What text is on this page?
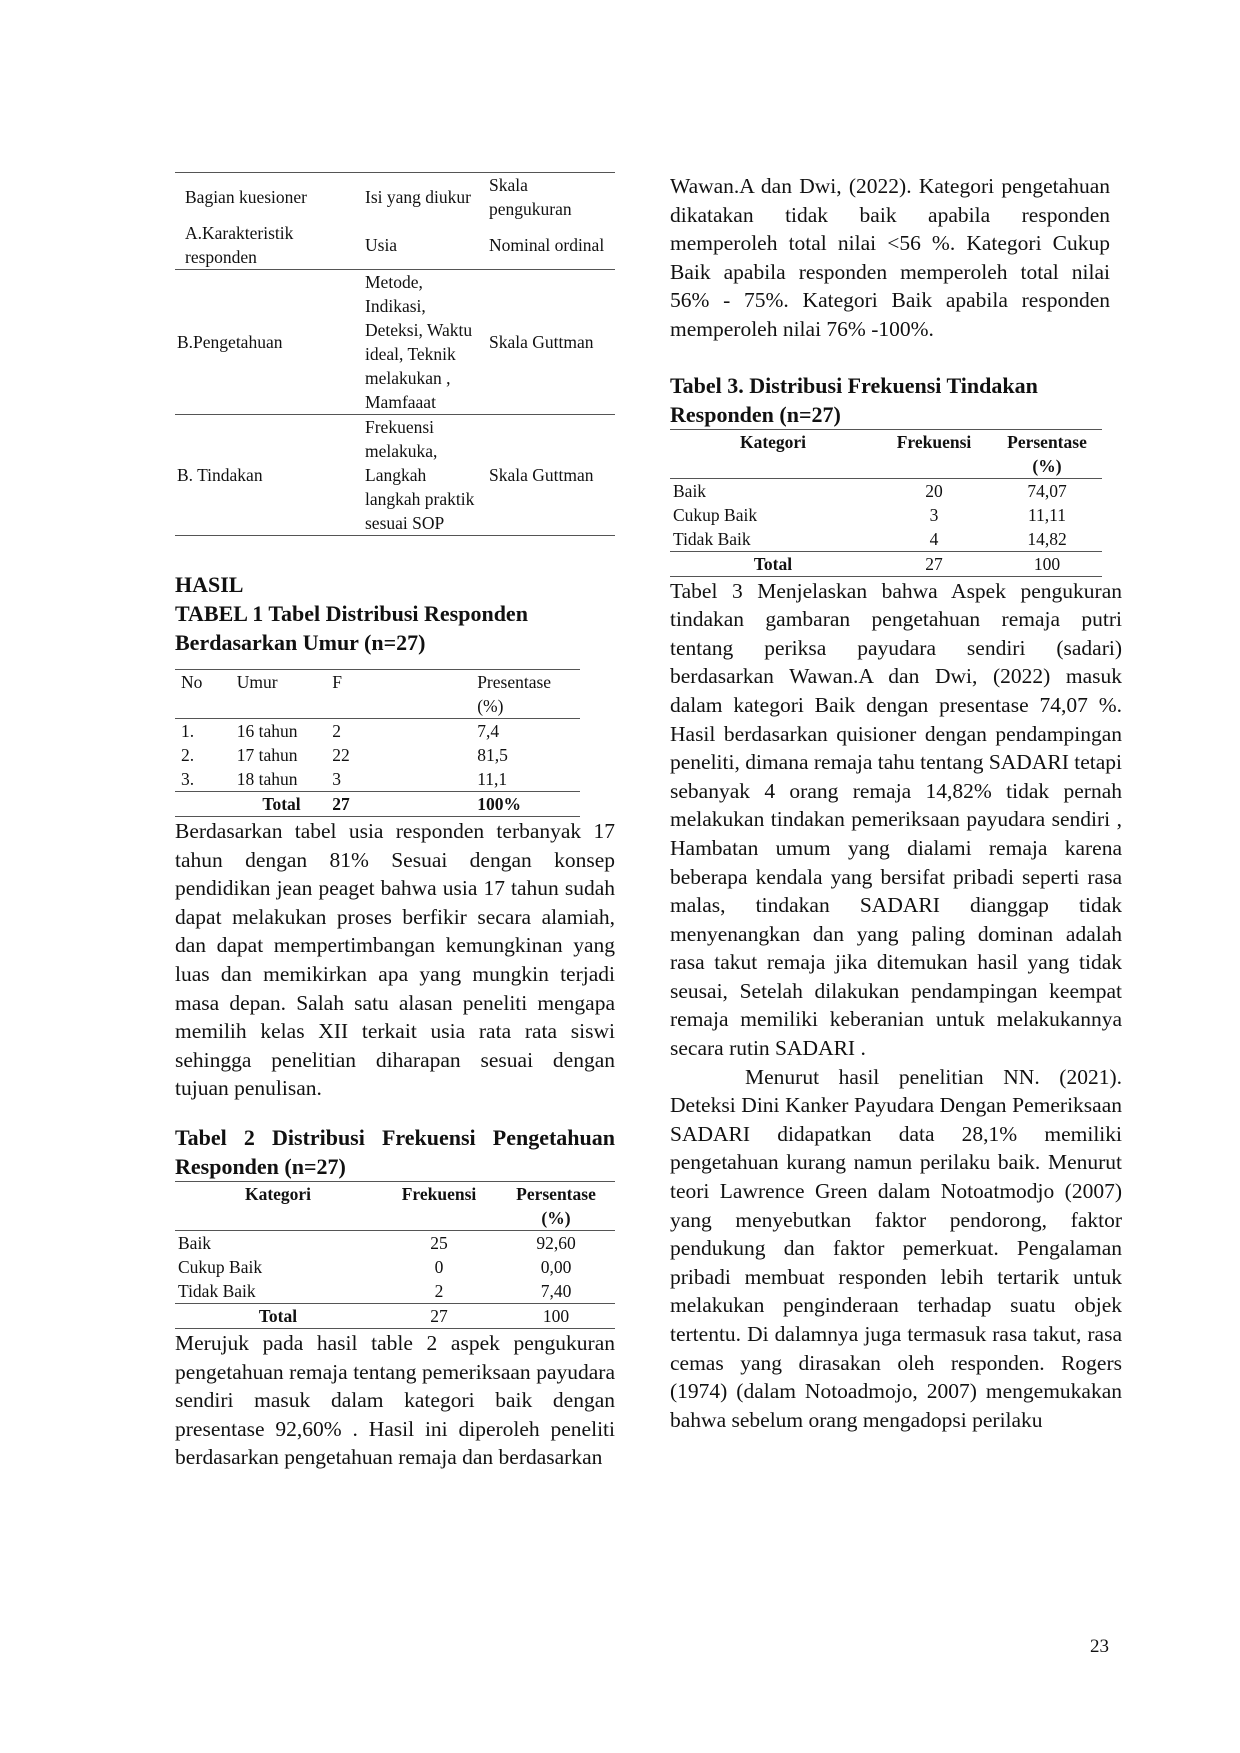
Bagian kuesioner	Isi yang diukur	Skala pengukuran
A.Karakteristik responden	Usia	Nominal ordinal
B.Pengetahuan	Metode, Indikasi, Deteksi, Waktu ideal, Teknik melakukan , Mamfaaat	Skala Guttman
B. Tindakan	Frekuensi melakuka, Langkah langkah praktik sesuai SOP	Skala Guttman
HASIL
TABEL 1 Tabel Distribusi Responden Berdasarkan Umur (n=27)
No	Umur	F	Presentase (%)
1.	16 tahun	2	7,4
2.	17 tahun	22	81,5
3.	18 tahun	3	11,1
	Total	27	100%

Berdasarkan tabel usia responden terbanyak 17 tahun dengan 81% Sesuai dengan konsep pendidikan jean peaget bahwa usia 17 tahun sudah dapat melakukan proses berfikir secara alamiah, dan dapat mempertimbangan kemungkinan yang luas dan memikirkan apa yang mungkin terjadi masa depan. Salah satu alasan peneliti mengapa memilih kelas XII terkait usia rata rata siswi sehingga penelitian diharapan sesuai dengan tujuan penulisan.

Tabel 2 Distribusi Frekuensi Pengetahuan Responden (n=27)
Kategori	Frekuensi	Persentase (%)
Baik	25	92,60
Cukup Baik	0	0,00
Tidak Baik	2	7,40
Total	27	100

Merujuk pada hasil table 2 aspek pengukuran pengetahuan remaja tentang pemeriksaan payudara sendiri masuk dalam kategori baik dengan presentase 92,60% . Hasil ini diperoleh peneliti berdasarkan pengetahuan remaja dan berdasarkan

Wawan.A dan Dwi, (2022). Kategori pengetahuan dikatakan tidak baik apabila responden memperoleh total nilai <56 %. Kategori Cukup Baik apabila responden memperoleh total nilai 56% - 75%. Kategori Baik apabila responden memperoleh nilai 76% -100%.

Tabel 3. Distribusi Frekuensi Tindakan Responden (n=27)
Kategori	Frekuensi	Persentase (%)
Baik	20	74,07
Cukup Baik	3	11,11
Tidak Baik	4	14,82
Total	27	100

Tabel 3 Menjelaskan bahwa Aspek pengukuran tindakan gambaran pengetahuan remaja putri tentang periksa payudara sendiri (sadari) berdasarkan Wawan.A dan Dwi, (2022) masuk dalam kategori Baik dengan presentase 74,07 %. Hasil berdasarkan quisioner dengan pendampingan peneliti, dimana remaja tahu tentang SADARI tetapi sebanyak 4 orang remaja 14,82% tidak pernah melakukan tindakan pemeriksaan payudara sendiri , Hambatan umum yang dialami remaja karena beberapa kendala yang bersifat pribadi seperti rasa malas, tindakan SADARI dianggap tidak menyenangkan dan yang paling dominan adalah rasa takut remaja jika ditemukan hasil yang tidak seusai, Setelah dilakukan pendampingan keempat remaja memiliki keberanian untuk melakukannya secara rutin SADARI .

Menurut hasil penelitian NN. (2021). Deteksi Dini Kanker Payudara Dengan Pemeriksaan SADARI didapatkan data 28,1% memiliki pengetahuan kurang namun perilaku baik. Menurut teori Lawrence Green dalam Notoatmodjo (2007) yang menyebutkan faktor pendorong, faktor pendukung dan faktor pemerkuat. Pengalaman pribadi membuat responden lebih tertarik untuk melakukan penginderaan terhadap suatu objek tertentu. Di dalamnya juga termasuk rasa takut, rasa cemas yang dirasakan oleh responden. Rogers (1974) (dalam Notoadmojo, 2007) mengemukakan bahwa sebelum orang mengadopsi perilaku

23
